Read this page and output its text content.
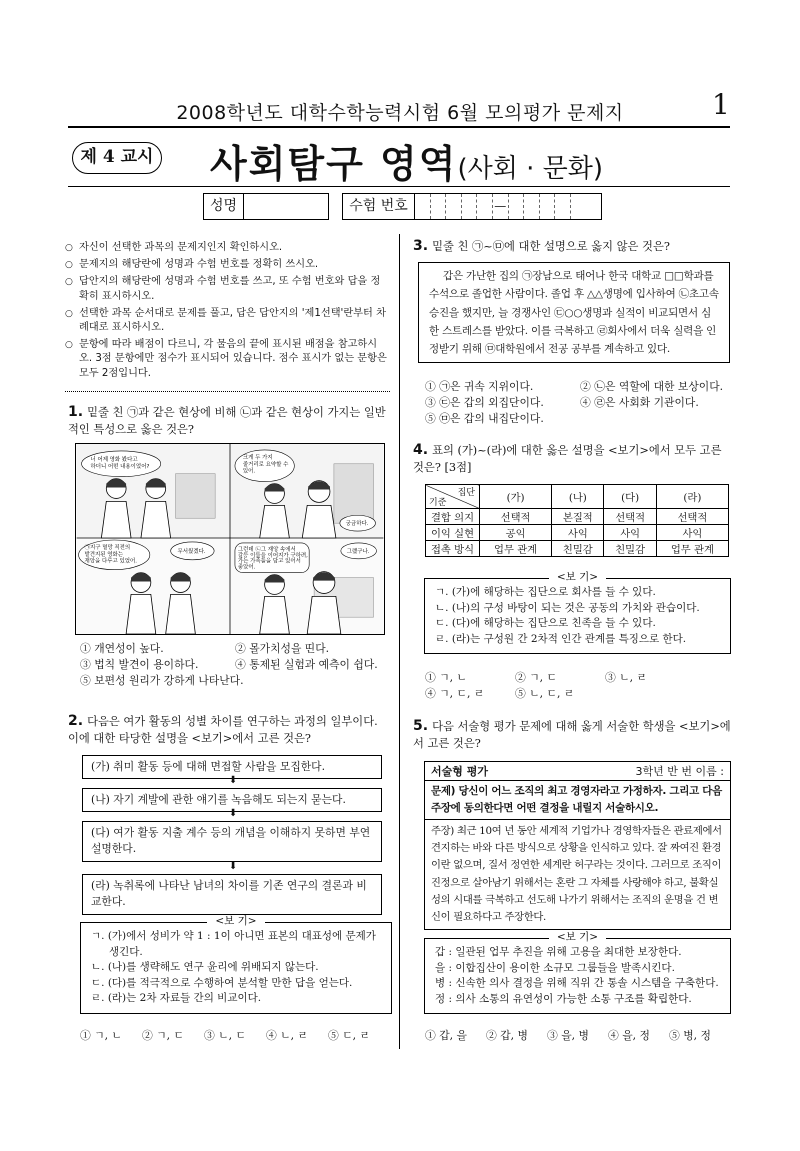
2008학년도 대학수학능력시험 6월 모의평가 문제지	1
제 4 교시 사회탐구 영역(사회 · 문화)
성명	수험 번호	—
○ 자신이 선택한 과목의 문제지인지 확인하시오.
○ 문제지의 해당란에 성명과 수험 번호를 정확히 쓰시오.
○ 답안지의 해당란에 성명과 수험 번호를 쓰고, 또 수험 번호와 답을 정확히 표시하시오.
○ 선택한 과목 순서대로 문제를 풀고, 답은 답안지의 '제1선택'란부터 차례대로 표시하시오.
○ 문항에 따라 배점이 다르니, 각 물음의 끝에 표시된 배점을 참고하시오. 3점 문항에만 점수가 표시되어 있습니다. 점수 표시가 없는 문항은 모두 2점입니다.
1. 밑줄 친 ㉠과 같은 현상에 비해 ㉡과 같은 현상이 가지는 일반적인 특성으로 옳은 것은?
너 어제 영화 봤다고
하더니 어떤 내용이었어?
크게 두 가지
줄거리로 요약할 수
있어.
궁금하다.
㉠지구 멸망 직전의
발견지된 영화는
재앙을 다루고 있었어.
무서웠겠다.	그런데 ㉡그 재앙 속에서
갈등 이들을 이어지가 구하려,
가는 가족들을 담고 있어서
좋았어.
그랬구나.
① 개연성이 높다.	② 몰가치성을 띤다.
③ 법칙 발견이 용이하다.	④ 통제된 실험과 예측이 쉽다.
⑤ 보편성 원리가 강하게 나타난다.
2. 다음은 여가 활동의 성별 차이를 연구하는 과정의 일부이다. 이에 대한 타당한 설명을 <보기>에서 고른 것은?
(가) 취미 활동 등에 대해 면접할 사람을 모집한다.
⬇
(나) 자기 계발에 관한 얘기를 녹음해도 되는지 묻는다.
⬇
(다) 여가 활동 지출 계수 등의 개념을 이해하지 못하면 부연 설명한다.
⬇
(라) 녹취록에 나타난 남녀의 차이를 기존 연구의 결론과 비교한다.
<보 기>
ㄱ. (가)에서 성비가 약 1 : 1이 아니면 표본의 대표성에 문제가 생긴다.
ㄴ. (나)를 생략해도 연구 윤리에 위배되지 않는다.
ㄷ. (다)를 적극적으로 수행하여 분석할 만한 답을 얻는다.
ㄹ. (라)는 2차 자료들 간의 비교이다.
① ㄱ, ㄴ	② ㄱ, ㄷ	③ ㄴ, ㄷ	④ ㄴ, ㄹ	⑤ ㄷ, ㄹ
3. 밑줄 친 ㉠~㉤에 대한 설명으로 옳지 않은 것은?
갑은 가난한 집의 ㉠장남으로 태어나 한국 대학교 □□학과를 수석으로 졸업한 사람이다. 졸업 후 △△생명에 입사하여 ㉡초고속 승진을 했지만, 늘 경쟁사인 ㉢○○생명과 실적이 비교되면서 심한 스트레스를 받았다. 이를 극복하고 ㉣회사에서 더욱 실력을 인정받기 위해 ㉤대학원에서 전공 공부를 계속하고 있다.
① ㉠은 귀속 지위이다.	② ㉡은 역할에 대한 보상이다.
③ ㉢은 갑의 외집단이다.	④ ㉣은 사회화 기관이다.
⑤ ㉤은 갑의 내집단이다.
4. 표의 (가)~(라)에 대한 옳은 설명을 <보기>에서 모두 고른 것은? [3점]
집단
기준	(가)	(나)	(다)	(라)
결합 의지	선택적	본질적	선택적	선택적
이익 실현	공익	사익	사익	사익
접촉 방식	업무 관계	친밀감	친밀감	업무 관계
<보 기>
ㄱ. (가)에 해당하는 집단으로 회사를 들 수 있다.
ㄴ. (나)의 구성 바탕이 되는 것은 공동의 가치와 관습이다.
ㄷ. (다)에 해당하는 집단으로 친족을 들 수 있다.
ㄹ. (라)는 구성원 간 2차적 인간 관계를 특징으로 한다.
① ㄱ, ㄴ	② ㄱ, ㄷ	③ ㄴ, ㄹ
④ ㄱ, ㄷ, ㄹ	⑤ ㄴ, ㄷ, ㄹ
5. 다음 서술형 평가 문제에 대해 옳게 서술한 학생을 <보기>에서 고른 것은?
서술형 평가	3학년 반 번 이름 :
문제) 당신이 어느 조직의 최고 경영자라고 가정하자. 그리고 다음 주장에 동의한다면 어떤 결정을 내릴지 서술하시오.
주장) 최근 10여 년 동안 세계적 기업가나 경영학자들은 관료제에서 견지하는 바와 다른 방식으로 상황을 인식하고 있다. 잘 짜여진 환경이란 없으며, 질서 정연한 세계란 허구라는 것이다. 그러므로 조직이 진정으로 살아남기 위해서는 혼란 그 자체를 사랑해야 하고, 불확실성의 시대를 극복하고 선도해 나가기 위해서는 조직의 운명을 건 변신이 필요하다고 주장한다.
<보 기>
갑 : 일관된 업무 추진을 위해 고용을 최대한 보장한다.
을 : 이합집산이 용이한 소규모 그룹들을 발족시킨다.
병 : 신속한 의사 결정을 위해 직위 간 통솔 시스템을 구축한다.
정 : 의사 소통의 유연성이 가능한 소통 구조를 확립한다.
① 갑, 을	② 갑, 병	③ 을, 병	④ 을, 정	⑤ 병, 정
